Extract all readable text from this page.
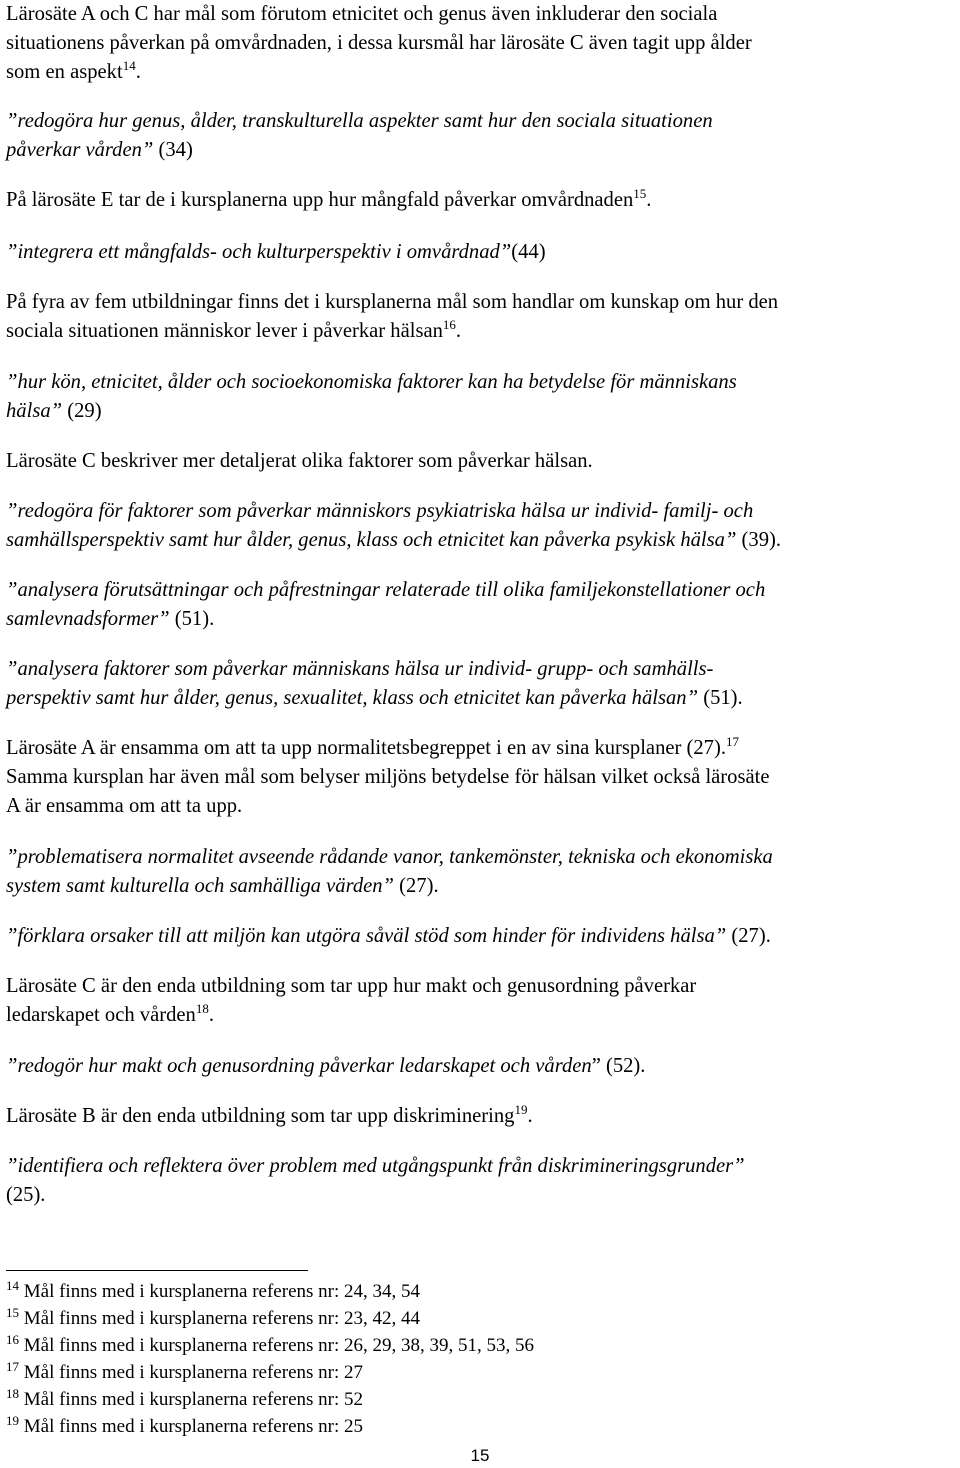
Lärosäte A och C har mål som förutom etnicitet och genus även inkluderar den sociala

situationens påverkan på omvårdnaden, i dessa kursmål har lärosäte C även tagit upp ålder

som en aspekt$^{14}$.

”redogöra hur genus, ålder, transkulturella aspekter samt hur den sociala situationen

påverkar vården” (34)

På lärosäte E tar de i kursplanerna upp hur mångfald påverkar omvårdnaden$^{15}$.

”integrera ett mångfalds- och kulturperspektiv i omvårdnad”(44)

På fyra av fem utbildningar finns det i kursplanerna mål som handlar om kunskap om hur den

sociala situationen människor lever i påverkar hälsan$^{16}$.

”hur kön, etnicitet, ålder och socioekonomiska faktorer kan ha betydelse för människans

hälsa” (29)

Lärosäte C beskriver mer detaljerat olika faktorer som påverkar hälsan.

”redogöra för faktorer som påverkar människors psykiatriska hälsa ur individ- familj- och

samhällsperspektiv samt hur ålder, genus, klass och etnicitet kan påverka psykisk hälsa” (39).

”analysera förutsättningar och påfrestningar relaterade till olika familjekonstellationer och

samlevnadsformer” (51).

”analysera faktorer som påverkar människans hälsa ur individ- grupp- och samhälls-

perspektiv samt hur ålder, genus, sexualitet, klass och etnicitet kan påverka hälsan” (51).

Lärosäte A är ensamma om att ta upp normalitetsbegreppet i en av sina kursplaner (27).$^{17}$

Samma kursplan har även mål som belyser miljöns betydelse för hälsan vilket också lärosäte

A är ensamma om att ta upp.

”problematisera normalitet avseende rådande vanor, tankemönster, tekniska och ekonomiska

system samt kulturella och samhälliga värden” (27).

”förklara orsaker till att miljön kan utgöra såväl stöd som hinder för individens hälsa” (27).

Lärosäte C är den enda utbildning som tar upp hur makt och genusordning påverkar

ledarskapet och vården$^{18}$.

”redogör hur makt och genusordning påverkar ledarskapet och vården” (52).

Lärosäte B är den enda utbildning som tar upp diskriminering$^{19}$.

”identifiera och reflektera över problem med utgångspunkt från diskrimineringsgrunder”

(25).

$^{14}$ Mål finns med i kursplanerna referens nr: 24, 34, 54
$^{15}$ Mål finns med i kursplanerna referens nr: 23, 42, 44
$^{16}$ Mål finns med i kursplanerna referens nr: 26, 29, 38, 39, 51, 53, 56
$^{17}$ Mål finns med i kursplanerna referens nr: 27
$^{18}$ Mål finns med i kursplanerna referens nr: 52
$^{19}$ Mål finns med i kursplanerna referens nr: 25
15
